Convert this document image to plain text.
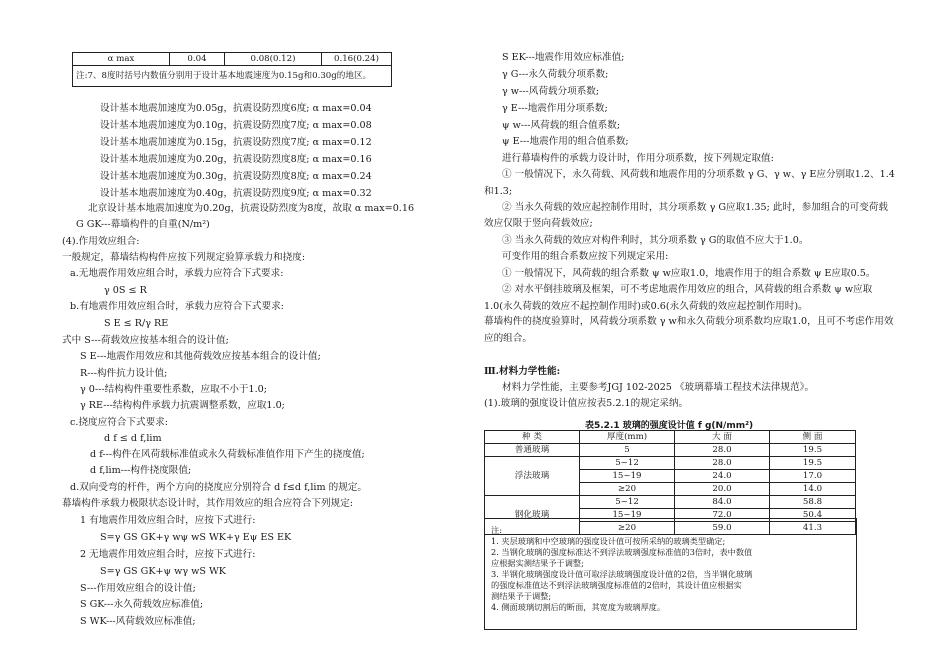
α max	0.04	0.08(0.12)	0.16(0.24)
注:7、8度时括号内数值分别用于设计基本地震速度为0.15g和0.30g的地区。
设计基本地震加速度为0.05g，抗震设防烈度6度; α max=0.04
设计基本地震加速度为0.10g，抗震设防烈度7度; α max=0.08
设计基本地震加速度为0.15g，抗震设防烈度7度; α max=0.12
设计基本地震加速度为0.20g，抗震设防烈度8度; α max=0.16
设计基本地震加速度为0.30g，抗震设防烈度8度; α max=0.24
设计基本地震加速度为0.40g，抗震设防烈度9度; α max=0.32
北京设计基本地震加速度为0.20g，抗震设防烈度为8度，故取 α max=0.16
G GK---幕墙构件的自重(N/m²)
(4).作用效应组合:
一般规定，幕墙结构构件应按下列规定验算承载力和挠度:
a.无地震作用效应组合时，承载力应符合下式要求:
γ 0S ≤ R
b.有地震作用效应组合时，承载力应符合下式要求:
S E ≤ R/γ RE
式中 S---荷载效应按基本组合的设计值;
S E---地震作用效应和其他荷载效应按基本组合的设计值;
R---构件抗力设计值;
γ 0---结构构件重要性系数，应取不小于1.0;
γ RE---结构构件承载力抗震调整系数，应取1.0;
c.挠度应符合下式要求:
d f ≤ d f,lim
d f---构件在风荷载标准值或永久荷载标准值作用下产生的挠度值;
d f,lim---构件挠度限值;
d.双向受弯的杆件，两个方向的挠度应分别符合 d f≤d f,lim 的规定。
幕墙构件承载力极限状态设计时，其作用效应的组合应符合下列规定:
1 有地震作用效应组合时，应按下式进行:
S=γ GS GK+γ wψ wS WK+γ Eψ ES EK
2 无地震作用效应组合时，应按下式进行:
S=γ GS GK+ψ wγ wS WK
S---作用效应组合的设计值;
S GK---永久荷载效应标准值;
S WK---风荷载效应标准值;
S EK---地震作用效应标准值;
γ G---永久荷载分项系数;
γ w---风荷载分项系数;
γ E---地震作用分项系数;
ψ w---风荷载的组合值系数;
ψ E---地震作用的组合值系数;
进行幕墙构件的承载力设计时，作用分项系数，按下列规定取值:
① 一般情况下，永久荷载、风荷载和地震作用的分项系数 γ G、γ w、γ E应分别取1.2、1.4
和1.3;
② 当永久荷载的效应起控制作用时，其分项系数 γ G应取1.35; 此时，参加组合的可变荷载
效应仅限于竖向荷载效应;
③ 当永久荷载的效应对构件利时，其分项系数 γ G的取值不应大于1.0。
可变作用的组合系数应按下列规定采用:
① 一般情况下，风荷载的组合系数 ψ w应取1.0，地震作用于的组合系数 ψ E应取0.5。
② 对水平倒挂玻璃及框架，可不考虑地震作用效应的组合，风荷载的组合系数 ψ w应取
1.0(永久荷载的效应不起控制作用时)或0.6(永久荷载的效应起控制作用时)。
幕墙构件的挠度验算时，风荷载分项系数 γ w和永久荷载分项系数均应取1.0，且可不考虑作用效
应的组合。
Ⅲ.材料力学性能:
材料力学性能，主要参考JGJ 102-2025 《玻璃幕墙工程技术法律规范》。
(1).玻璃的强度设计值应按表5.2.1的规定采纳。
表5.2.1 玻璃的强度设计值 f g(N/mm²)
种 类	厚度(mm)	大 面	侧 面
普通玻璃	5	28.0	19.5
浮法玻璃	5~12	28.0	19.5
	15~19	24.0	17.0
	≥20	20.0	14.0
钢化玻璃	5~12	84.0	58.8
	15~19	72.0	50.4
	≥20	59.0	41.3
注:
1. 夹层玻璃和中空玻璃的强度设计值可按所采纳的玻璃类型确定;
2. 当钢化玻璃的强度标准达不到浮法玻璃强度标准值的3倍时，表中数值
应根据实测结果予于调整;
3. 半钢化玻璃强度设计值可取浮法玻璃强度设计值的2倍，当半钢化玻璃
的强度标准值达不到浮法玻璃强度标准值的2倍时，其设计值应根据实
测结果予于调整;
4. 侧面玻璃切割后的断面，其宽度为玻璃厚度。
